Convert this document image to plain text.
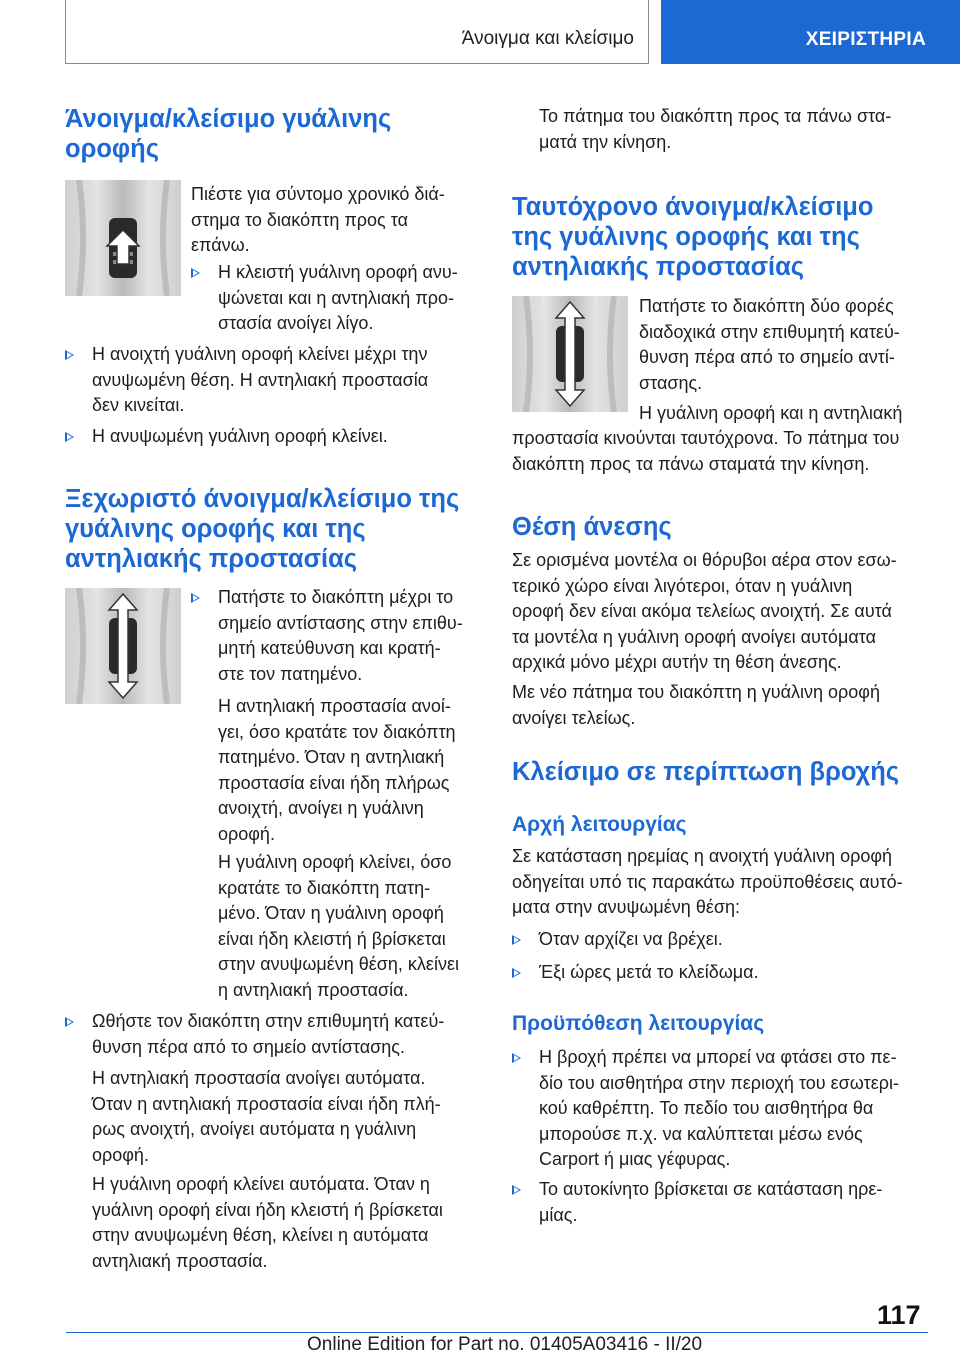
Άνοιγμα και κλείσιμο	ΧΕΙΡΙΣΤΗΡΙΑ
Άνοιγμα/κλείσιμο γυάλινης
οροφής
Πιέστε για σύντομο χρονικό διά-
στημα το διακόπτη προς τα
επάνω.
Η κλειστή γυάλινη οροφή ανυ-
ψώνεται και η αντηλιακή προ-
στασία ανοίγει λίγο.
Η ανοιχτή γυάλινη οροφή κλείνει μέχρι την
ανυψωμένη θέση. Η αντηλιακή προστασία
δεν κινείται.
Η ανυψωμένη γυάλινη οροφή κλείνει.
Ξεχωριστό άνοιγμα/κλείσιμο της
γυάλινης οροφής και της
αντηλιακής προστασίας
Πατήστε το διακόπτη μέχρι το
σημείο αντίστασης στην επιθυ-
μητή κατεύθυνση και κρατή-
στε τον πατημένο.
Η αντηλιακή προστασία ανοί-
γει, όσο κρατάτε τον διακόπτη
πατημένο. Όταν η αντηλιακή
προστασία είναι ήδη πλήρως
ανοιχτή, ανοίγει η γυάλινη
οροφή.
Η γυάλινη οροφή κλείνει, όσο
κρατάτε το διακόπτη πατη-
μένο. Όταν η γυάλινη οροφή
είναι ήδη κλειστή ή βρίσκεται
στην ανυψωμένη θέση, κλείνει
η αντηλιακή προστασία.
Ωθήστε τον διακόπτη στην επιθυμητή κατεύ-
θυνση πέρα από το σημείο αντίστασης.
Η αντηλιακή προστασία ανοίγει αυτόματα.
Όταν η αντηλιακή προστασία είναι ήδη πλή-
ρως ανοιχτή, ανοίγει αυτόματα η γυάλινη
οροφή.
Η γυάλινη οροφή κλείνει αυτόματα. Όταν η
γυάλινη οροφή είναι ήδη κλειστή ή βρίσκεται
στην ανυψωμένη θέση, κλείνει η αυτόματα
αντηλιακή προστασία.
Το πάτημα του διακόπτη προς τα πάνω στα-
ματά την κίνηση.
Ταυτόχρονο άνοιγμα/κλείσιμο
της γυάλινης οροφής και της
αντηλιακής προστασίας
Πατήστε το διακόπτη δύο φορές
διαδοχικά στην επιθυμητή κατεύ-
θυνση πέρα από το σημείο αντί-
στασης.
Η γυάλινη οροφή και η αντηλιακή
προστασία κινούνται ταυτόχρονα. Το πάτημα του
διακόπτη προς τα πάνω σταματά την κίνηση.
Θέση άνεσης
Σε ορισμένα μοντέλα οι θόρυβοι αέρα στον εσω-
τερικό χώρο είναι λιγότεροι, όταν η γυάλινη
οροφή δεν είναι ακόμα τελείως ανοιχτή. Σε αυτά
τα μοντέλα η γυάλινη οροφή ανοίγει αυτόματα
αρχικά μόνο μέχρι αυτήν τη θέση άνεσης.
Με νέο πάτημα του διακόπτη η γυάλινη οροφή
ανοίγει τελείως.
Κλείσιμο σε περίπτωση βροχής
Αρχή λειτουργίας
Σε κατάσταση ηρεμίας η ανοιχτή γυάλινη οροφή
οδηγείται υπό τις παρακάτω προϋποθέσεις αυτό-
ματα στην ανυψωμένη θέση:
Όταν αρχίζει να βρέχει.
Έξι ώρες μετά το κλείδωμα.
Προϋπόθεση λειτουργίας
Η βροχή πρέπει να μπορεί να φτάσει στο πε-
δίο του αισθητήρα στην περιοχή του εσωτερι-
κού καθρέπτη. Το πεδίο του αισθητήρα θα
μπορούσε π.χ. να καλύπτεται μέσω ενός
Carport ή μιας γέφυρας.
Το αυτοκίνητο βρίσκεται σε κατάσταση ηρε-
μίας.
117
Online Edition for Part no. 01405A03416 - II/20
